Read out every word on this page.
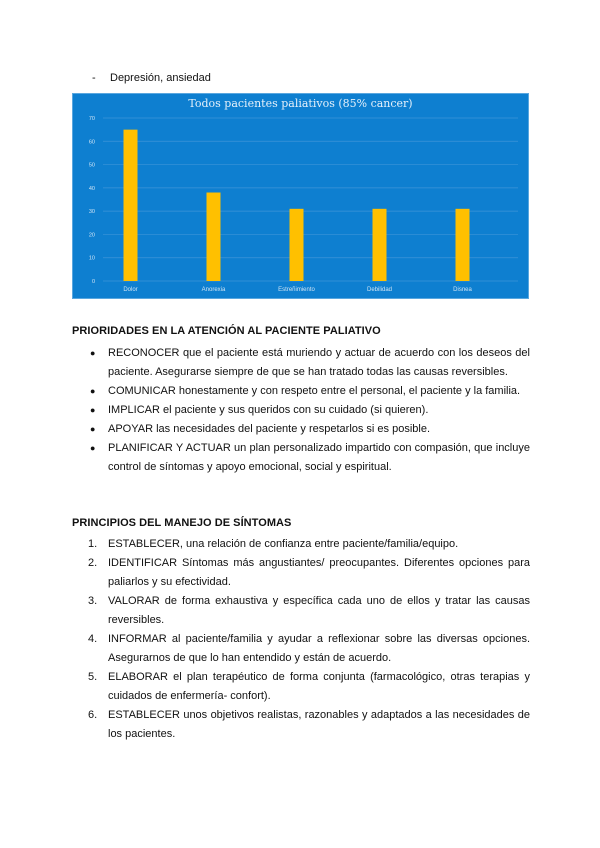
- Depresión, ansiedad
Todos pacientes paliativos (85% cancer)
0
10
20
30
40
50
60
70
Dolor	Anorexia	Estreñimiento	Debilidad	Disnea
PRIORIDADES EN LA ATENCIÓN AL PACIENTE PALIATIVO
● RECONOCER que el paciente está muriendo y actuar de acuerdo con los deseos del paciente. Asegurarse siempre de que se han tratado todas las causas reversibles.
● COMUNICAR honestamente y con respeto entre el personal, el paciente y la familia.
● IMPLICAR el paciente y sus queridos con su cuidado (si quieren).
● APOYAR las necesidades del paciente y respetarlos si es posible.
● PLANIFICAR Y ACTUAR un plan personalizado impartido con compasión, que incluye control de síntomas y apoyo emocional, social y espiritual.
PRINCIPIOS DEL MANEJO DE SÍNTOMAS
1. ESTABLECER, una relación de confianza entre paciente/familia/equipo.
2. IDENTIFICAR Síntomas más angustiantes/ preocupantes. Diferentes opciones para paliarlos y su efectividad.
3. VALORAR de forma exhaustiva y específica cada uno de ellos y tratar las causas reversibles.
4. INFORMAR al paciente/familia y ayudar a reflexionar sobre las diversas opciones. Asegurarnos de que lo han entendido y están de acuerdo.
5. ELABORAR el plan terapéutico de forma conjunta (farmacológico, otras terapias y cuidados de enfermería- confort).
6. ESTABLECER unos objetivos realistas, razonables y adaptados a las necesidades de los pacientes.
